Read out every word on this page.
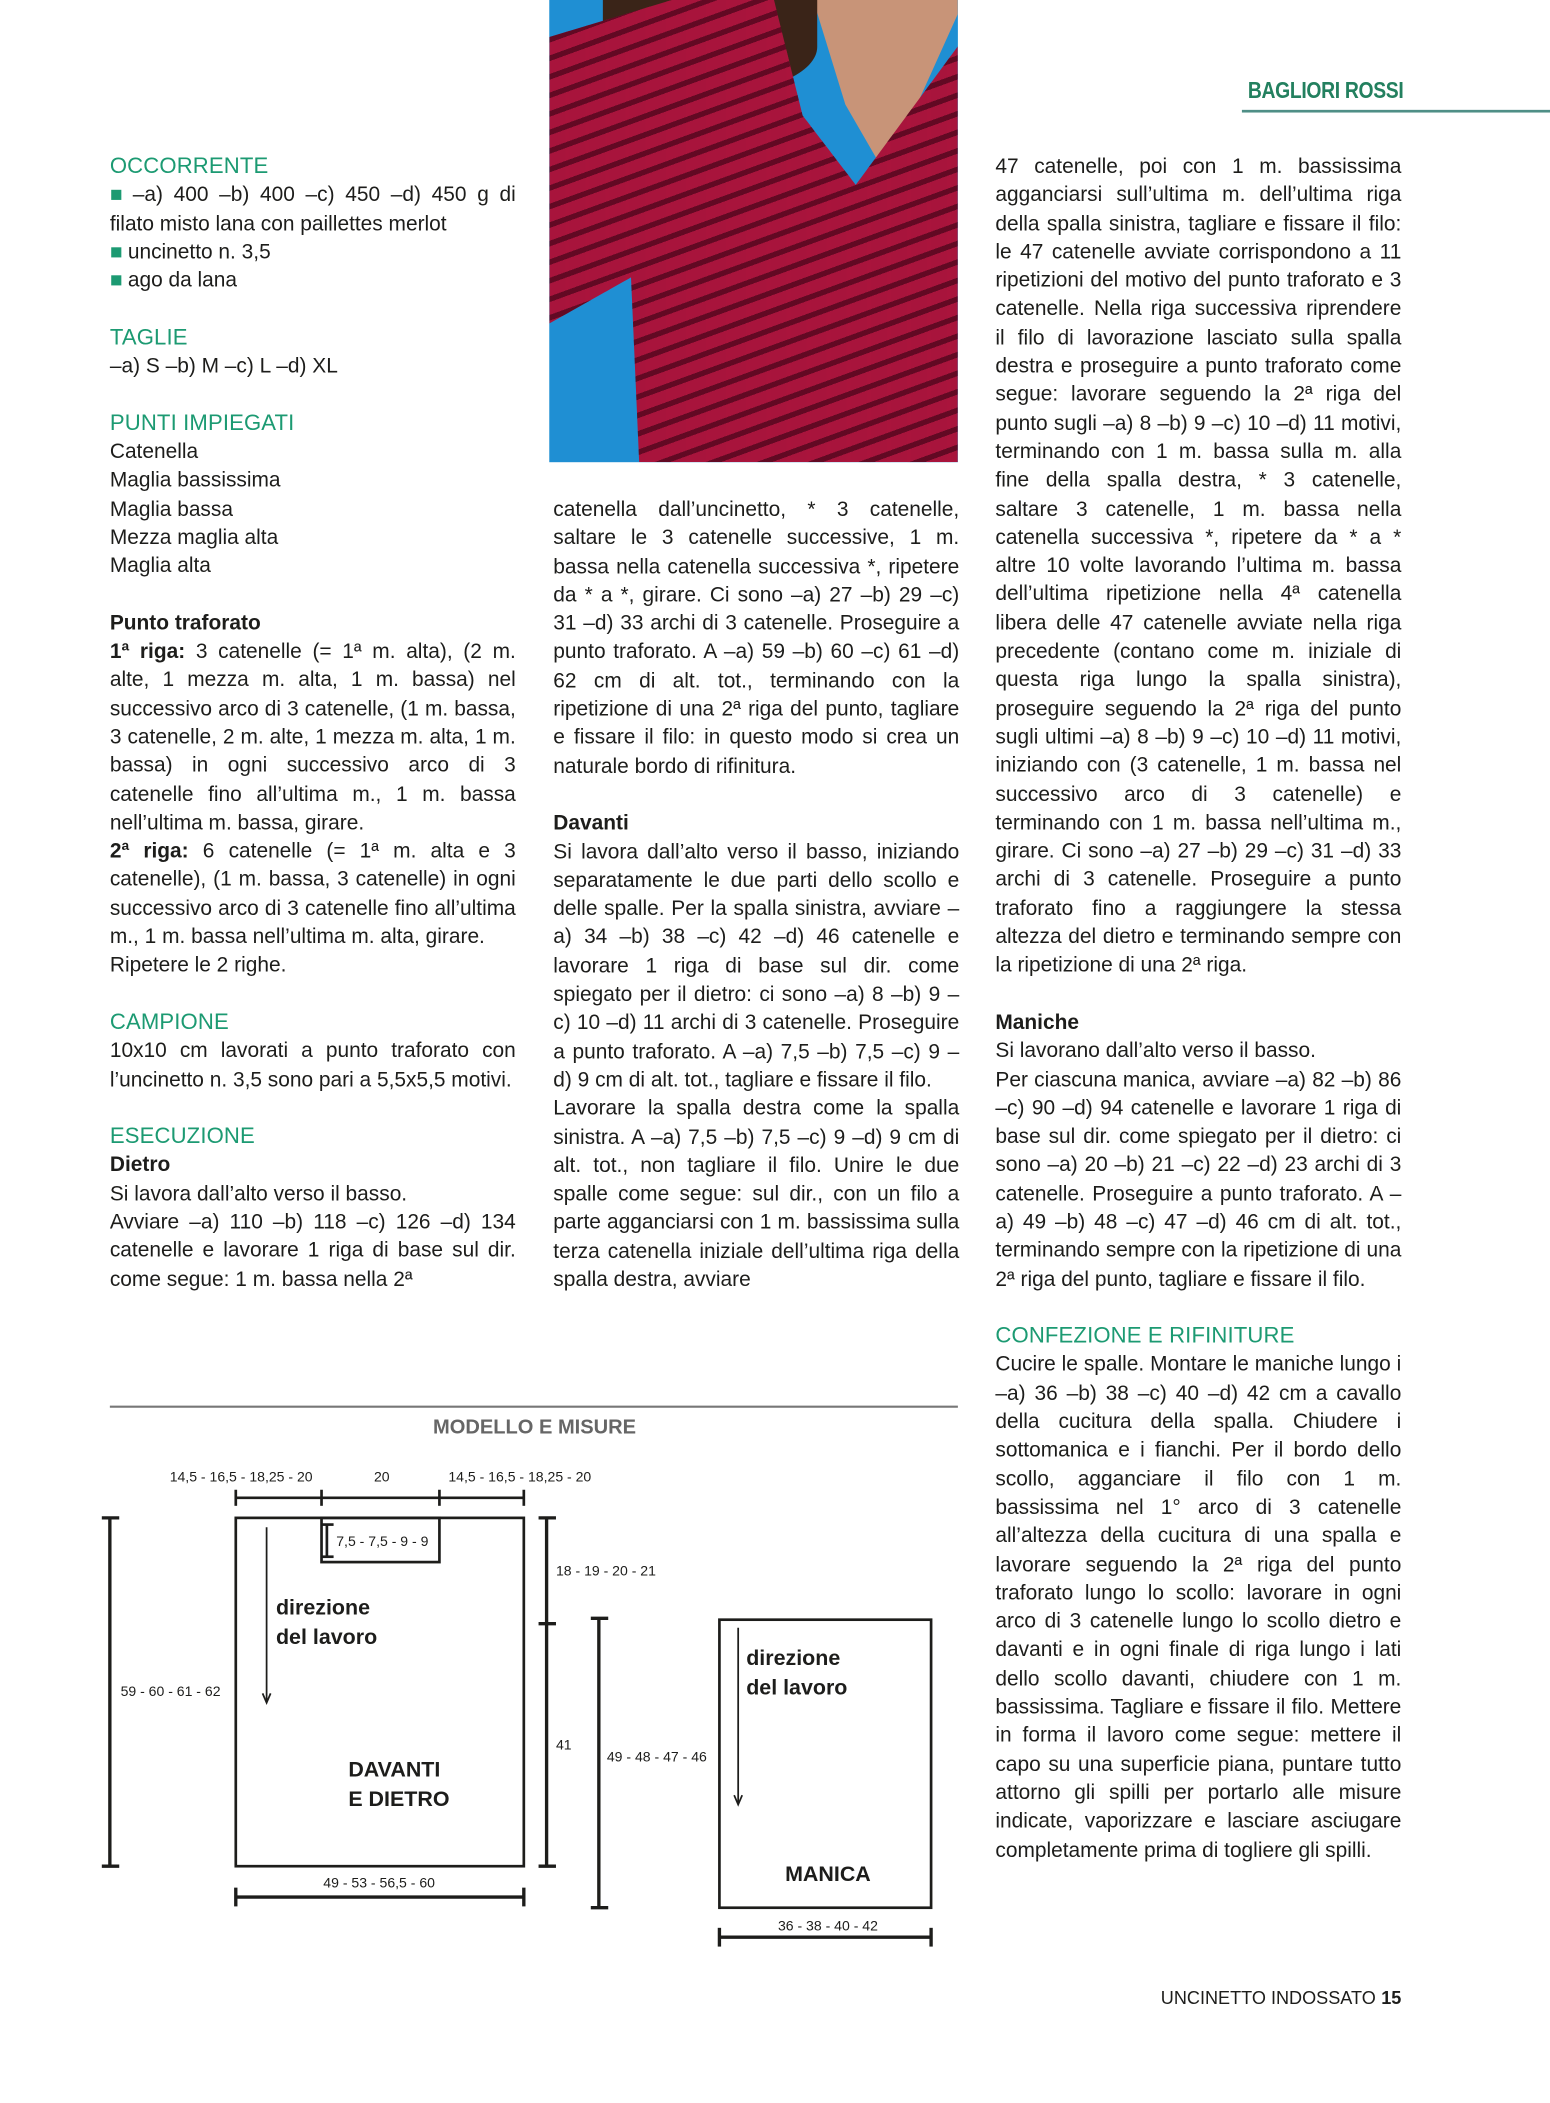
BAGLIORI ROSSI

OCCORRENTE

■ –a) 400 –b) 400 –c) 450 –d) 450 g di filato misto lana con paillettes merlot

■ uncinetto n. 3,5

■ ago da lana

TAGLIE

–a) S –b) M –c) L –d) XL

PUNTI IMPIEGATI

Catenella

Maglia bassissima

Maglia bassa

Mezza maglia alta

Maglia alta

Punto traforato

1ª riga: 3 catenelle (= 1ª m. alta), (2 m. alte, 1 mezza m. alta, 1 m. bassa) nel successivo arco di 3 catenelle, (1 m. bassa, 3 catenelle, 2 m. alte, 1 mezza m. alta, 1 m. bassa) in ogni successivo arco di 3 catenelle fino all’ultima m., 1 m. bassa nell’ultima m. bassa, girare.

2ª riga: 6 catenelle (= 1ª m. alta e 3 catenelle), (1 m. bassa, 3 catenelle) in ogni successivo arco di 3 catenelle fino all’ultima m., 1 m. bassa nell’ultima m. alta, girare.

Ripetere le 2 righe.

CAMPIONE

10x10 cm lavorati a punto traforato con l’uncinetto n. 3,5 sono pari a 5,5x5,5 motivi.

ESECUZIONE

Dietro

Si lavora dall’alto verso il basso.

Avviare –a) 110 –b) 118 –c) 126 –d) 134 catenelle e lavorare 1 riga di base sul dir. come segue: 1 m. bassa nella 2ª

catenella dall’uncinetto, * 3 catenelle, saltare le 3 catenelle successive, 1 m. bassa nella catenella successiva *, ripetere da * a *, girare. Ci sono –a) 27 –b) 29 –c) 31 –d) 33 archi di 3 catenelle. Proseguire a punto traforato. A –a) 59 –b) 60 –c) 61 –d) 62 cm di alt. tot., terminando con la ripetizione di una 2ª riga del punto, tagliare e fissare il filo: in questo modo si crea un naturale bordo di rifinitura.

Davanti

Si lavora dall’alto verso il basso, iniziando separatamente le due parti dello scollo e delle spalle. Per la spalla sinistra, avviare –a) 34 –b) 38 –c) 42 –d) 46 catenelle e lavorare 1 riga di base sul dir. come spiegato per il dietro: ci sono –a) 8 –b) 9 –c) 10 –d) 11 archi di 3 catenelle. Proseguire a punto traforato. A –a) 7,5 –b) 7,5 –c) 9 –d) 9 cm di alt. tot., tagliare e fissare il filo.

Lavorare la spalla destra come la spalla sinistra. A –a) 7,5 –b) 7,5 –c) 9 –d) 9 cm di alt. tot., non tagliare il filo. Unire le due spalle come segue: sul dir., con un filo a parte agganciarsi con 1 m. bassissima sulla terza catenella iniziale dell’ultima riga della spalla destra, avviare

47 catenelle, poi con 1 m. bassissima agganciarsi sull’ultima m. dell’ultima riga della spalla sinistra, tagliare e fissare il filo: le 47 catenelle avviate corrispondono a 11 ripetizioni del motivo del punto traforato e 3 catenelle. Nella riga successiva riprendere il filo di lavorazione lasciato sulla spalla destra e proseguire a punto traforato come segue: lavorare seguendo la 2ª riga del punto sugli –a) 8 –b) 9 –c) 10 –d) 11 motivi, terminando con 1 m. bassa sulla m. alla fine della spalla destra, * 3 catenelle, saltare 3 catenelle, 1 m. bassa nella catenella successiva *, ripetere da * a * altre 10 volte lavorando l’ultima m. bassa dell’ultima ripetizione nella 4ª catenella libera delle 47 catenelle avviate nella riga precedente (contano come m. iniziale di questa riga lungo la spalla sinistra), proseguire seguendo la 2ª riga del punto sugli ultimi –a) 8 –b) 9 –c) 10 –d) 11 motivi, iniziando con (3 catenelle, 1 m. bassa nel successivo arco di 3 catenelle) e terminando con 1 m. bassa nell’ultima m., girare. Ci sono –a) 27 –b) 29 –c) 31 –d) 33 archi di 3 catenelle. Proseguire a punto traforato fino a raggiungere la stessa altezza del dietro e terminando sempre con la ripetizione di una 2ª riga.

Maniche

Si lavorano dall’alto verso il basso.

Per ciascuna manica, avviare –a) 82 –b) 86 –c) 90 –d) 94 catenelle e lavorare 1 riga di base sul dir. come spiegato per il dietro: ci sono –a) 20 –b) 21 –c) 22 –d) 23 archi di 3 catenelle. Proseguire a punto traforato. A –a) 49 –b) 48 –c) 47 –d) 46 cm di alt. tot., terminando sempre con la ripetizione di una 2ª riga del punto, tagliare e fissare il filo.

CONFEZIONE E RIFINITURE

Cucire le spalle. Montare le maniche lungo i –a) 36 –b) 38 –c) 40 –d) 42 cm a cavallo della cucitura della spalla. Chiudere i sottomanica e i fianchi. Per il bordo dello scollo, agganciare il filo con 1 m. bassissima nel 1° arco di 3 catenelle all’altezza della cucitura di una spalla e lavorare seguendo la 2ª riga del punto traforato lungo lo scollo: lavorare in ogni arco di 3 catenelle lungo lo scollo dietro e davanti e in ogni finale di riga lungo i lati dello scollo davanti, chiudere con 1 m. bassissima. Tagliare e fissare il filo. Mettere in forma il lavoro come segue: mettere il capo su una superficie piana, puntare tutto attorno gli spilli per portarlo alle misure indicate, vaporizzare e lasciare asciugare completamente prima di togliere gli spilli.

MODELLO E MISURE
14,5 - 16,5 - 18,25 - 20	20	14,5 - 16,5 - 18,25 - 20
7,5 - 7,5 - 9 - 9
59 - 60 - 61 - 62
18 - 19 - 20 - 21
41
49 - 53 - 56,5 - 60
direzione
del lavoro
DAVANTI
E DIETRO
49 - 48 - 47 - 46
direzione
del lavoro
MANICA
36 - 38 - 40 - 42
UNCINETTO INDOSSATO 15
